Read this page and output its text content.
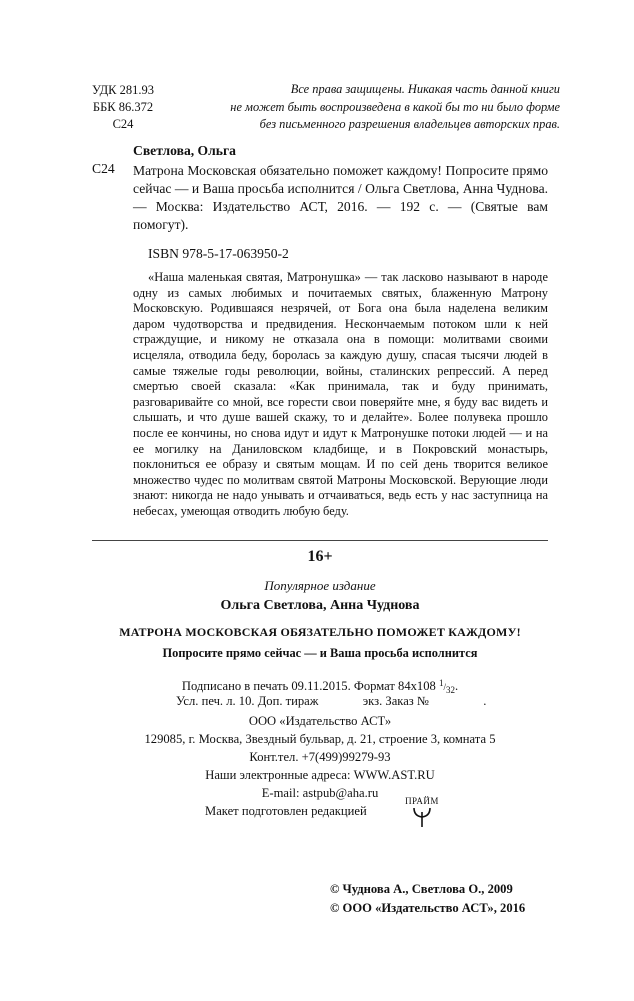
УДК 281.93
ББК 86.372
С24
Все права защищены. Никакая часть данной книги
не может быть воспроизведена в какой бы то ни было форме
без письменного разрешения владельцев авторских прав.
Светлова, Ольга
С24 Матрона Московская обязательно поможет каждому! Попросите прямо сейчас — и Ваша просьба исполнится / Ольга Светлова, Анна Чуднова. — Москва: Издательство АСТ, 2016. — 192 с. — (Святые вам помогут).
ISBN 978-5-17-063950-2
«Наша маленькая святая, Матронушка» — так ласково называют в народе одну из самых любимых и почитаемых святых, блаженную Матрону Московскую. Родившаяся незрячей, от Бога она была наделена великим даром чудотворства и предвидения. Нескончаемым потоком шли к ней страждущие, и никому не отказала она в помощи: молитвами своими исцеляла, отводила беду, боролась за каждую душу, спасая тысячи людей в самые тяжелые годы революции, войны, сталинских репрессий. А перед смертью своей сказала: «Как принимала, так и буду принимать, разговаривайте со мной, все горести свои поверяйте мне, я буду вас видеть и слышать, и что душе вашей скажу, то и делайте». Более полувека прошло после ее кончины, но снова идут и идут к Матронушке потоки людей — и на ее могилку на Даниловском кладбище, и в Покровский монастырь, поклониться ее образу и святым мощам. И по сей день творится великое множество чудес по молитвам святой Матроны Московской. Верующие люди знают: никогда не надо унывать и отчаиваться, ведь есть у нас заступница на небесах, умеющая отводить любую беду.
16+
Популярное издание
Ольга Светлова, Анна Чуднова
МАТРОНА МОСКОВСКАЯ ОБЯЗАТЕЛЬНО ПОМОЖЕТ КАЖДОМУ!
Попросите прямо сейчас — и Ваша просьба исполнится
Подписано в печать 09.11.2015. Формат 84х108 $^1/_{32}$.
Усл. печ. л. 10. Доп. тираж	экз. Заказ №	.
ООО «Издательство АСТ»
129085, г. Москва, Звездный бульвар, д. 21, строение 3, комната 5
Конт.тел. +7(499)99279-93
Наши электронные адреса: WWW.AST.RU
E-mail: astpub@aha.ru
Макет подготовлен редакцией
ПРАЙМ
© Чуднова А., Светлова О., 2009
© ООО «Издательство АСТ», 2016
